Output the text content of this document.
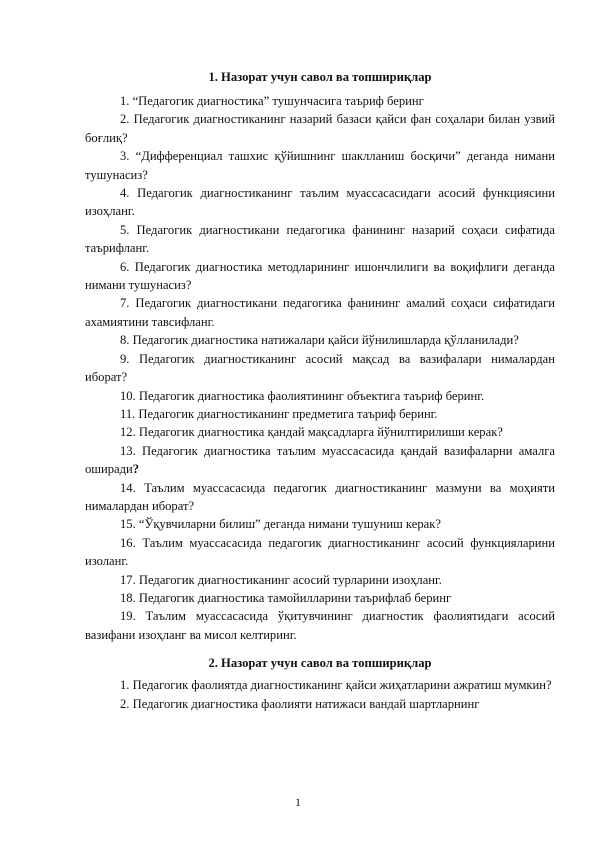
1. Назорат учун савол ва топшириқлар

1. “Педагогик диагностика” тушунчасига таъриф беринг

2. Педагогик диагностиканинг назарий базаси қайси фан соҳалари билан узвий боғлиқ?

3. “Дифференциал ташхис қўйишнинг шаклланиш босқичи” деганда нимани тушунасиз?

4. Педагогик диагностиканинг таълим муассасасидаги асосий функциясини изоҳланг.

5. Педагогик диагностикани педагогика фанининг назарий соҳаси сифатида таърифланг.

6. Педагогик диагностика методларининг ишончлилиги ва воқифлиги деганда нимани тушунасиз?

7. Педагогик диагностикани педагогика фанининг амалий соҳаси сифатидаги ахамиятини тавсифланг.

8. Педагогик диагностика натижалари қайси йўнилишларда қўлланилади?

9. Педагогик диагностиканинг асосий мақсад ва вазифалари нималардан иборат?

10. Педагогик диагностика фаолиятининг объектига таъриф беринг.

11. Педагогик диагностиканинг предметига таъриф беринг.

12. Педагогик диагностика қандай мақсадларга йўнилтирилиши керак?

13. Педагогик диагностика таълим муассасасида қандай вазифаларни амалга оширади?

14. Таълим муассасасида педагогик диагностиканинг мазмуни ва моҳияти нималардан иборат?

15. “Ўқувчиларни билиш” деганда нимани тушуниш керак?

16. Таълим муассасасида педагогик диагностиканинг асосий функцияларини изоланг.

17. Педагогик диагностиканинг асосий турларини изоҳланг.

18. Педагогик диагностика тамойилларини таърифлаб беринг

19. Таълим муассасасида ўқитувчининг диагностик фаолиятидаги асосий вазифани изоҳланг ва мисол келтиринг.

2. Назорат учун савол ва топшириқлар

1. Педагогик фаолиятда диагностиканинг қайси жиҳатларини ажратиш мумкин?

2. Педагогик диагностика фаолияти натижаси вандай шартларнинг

1
